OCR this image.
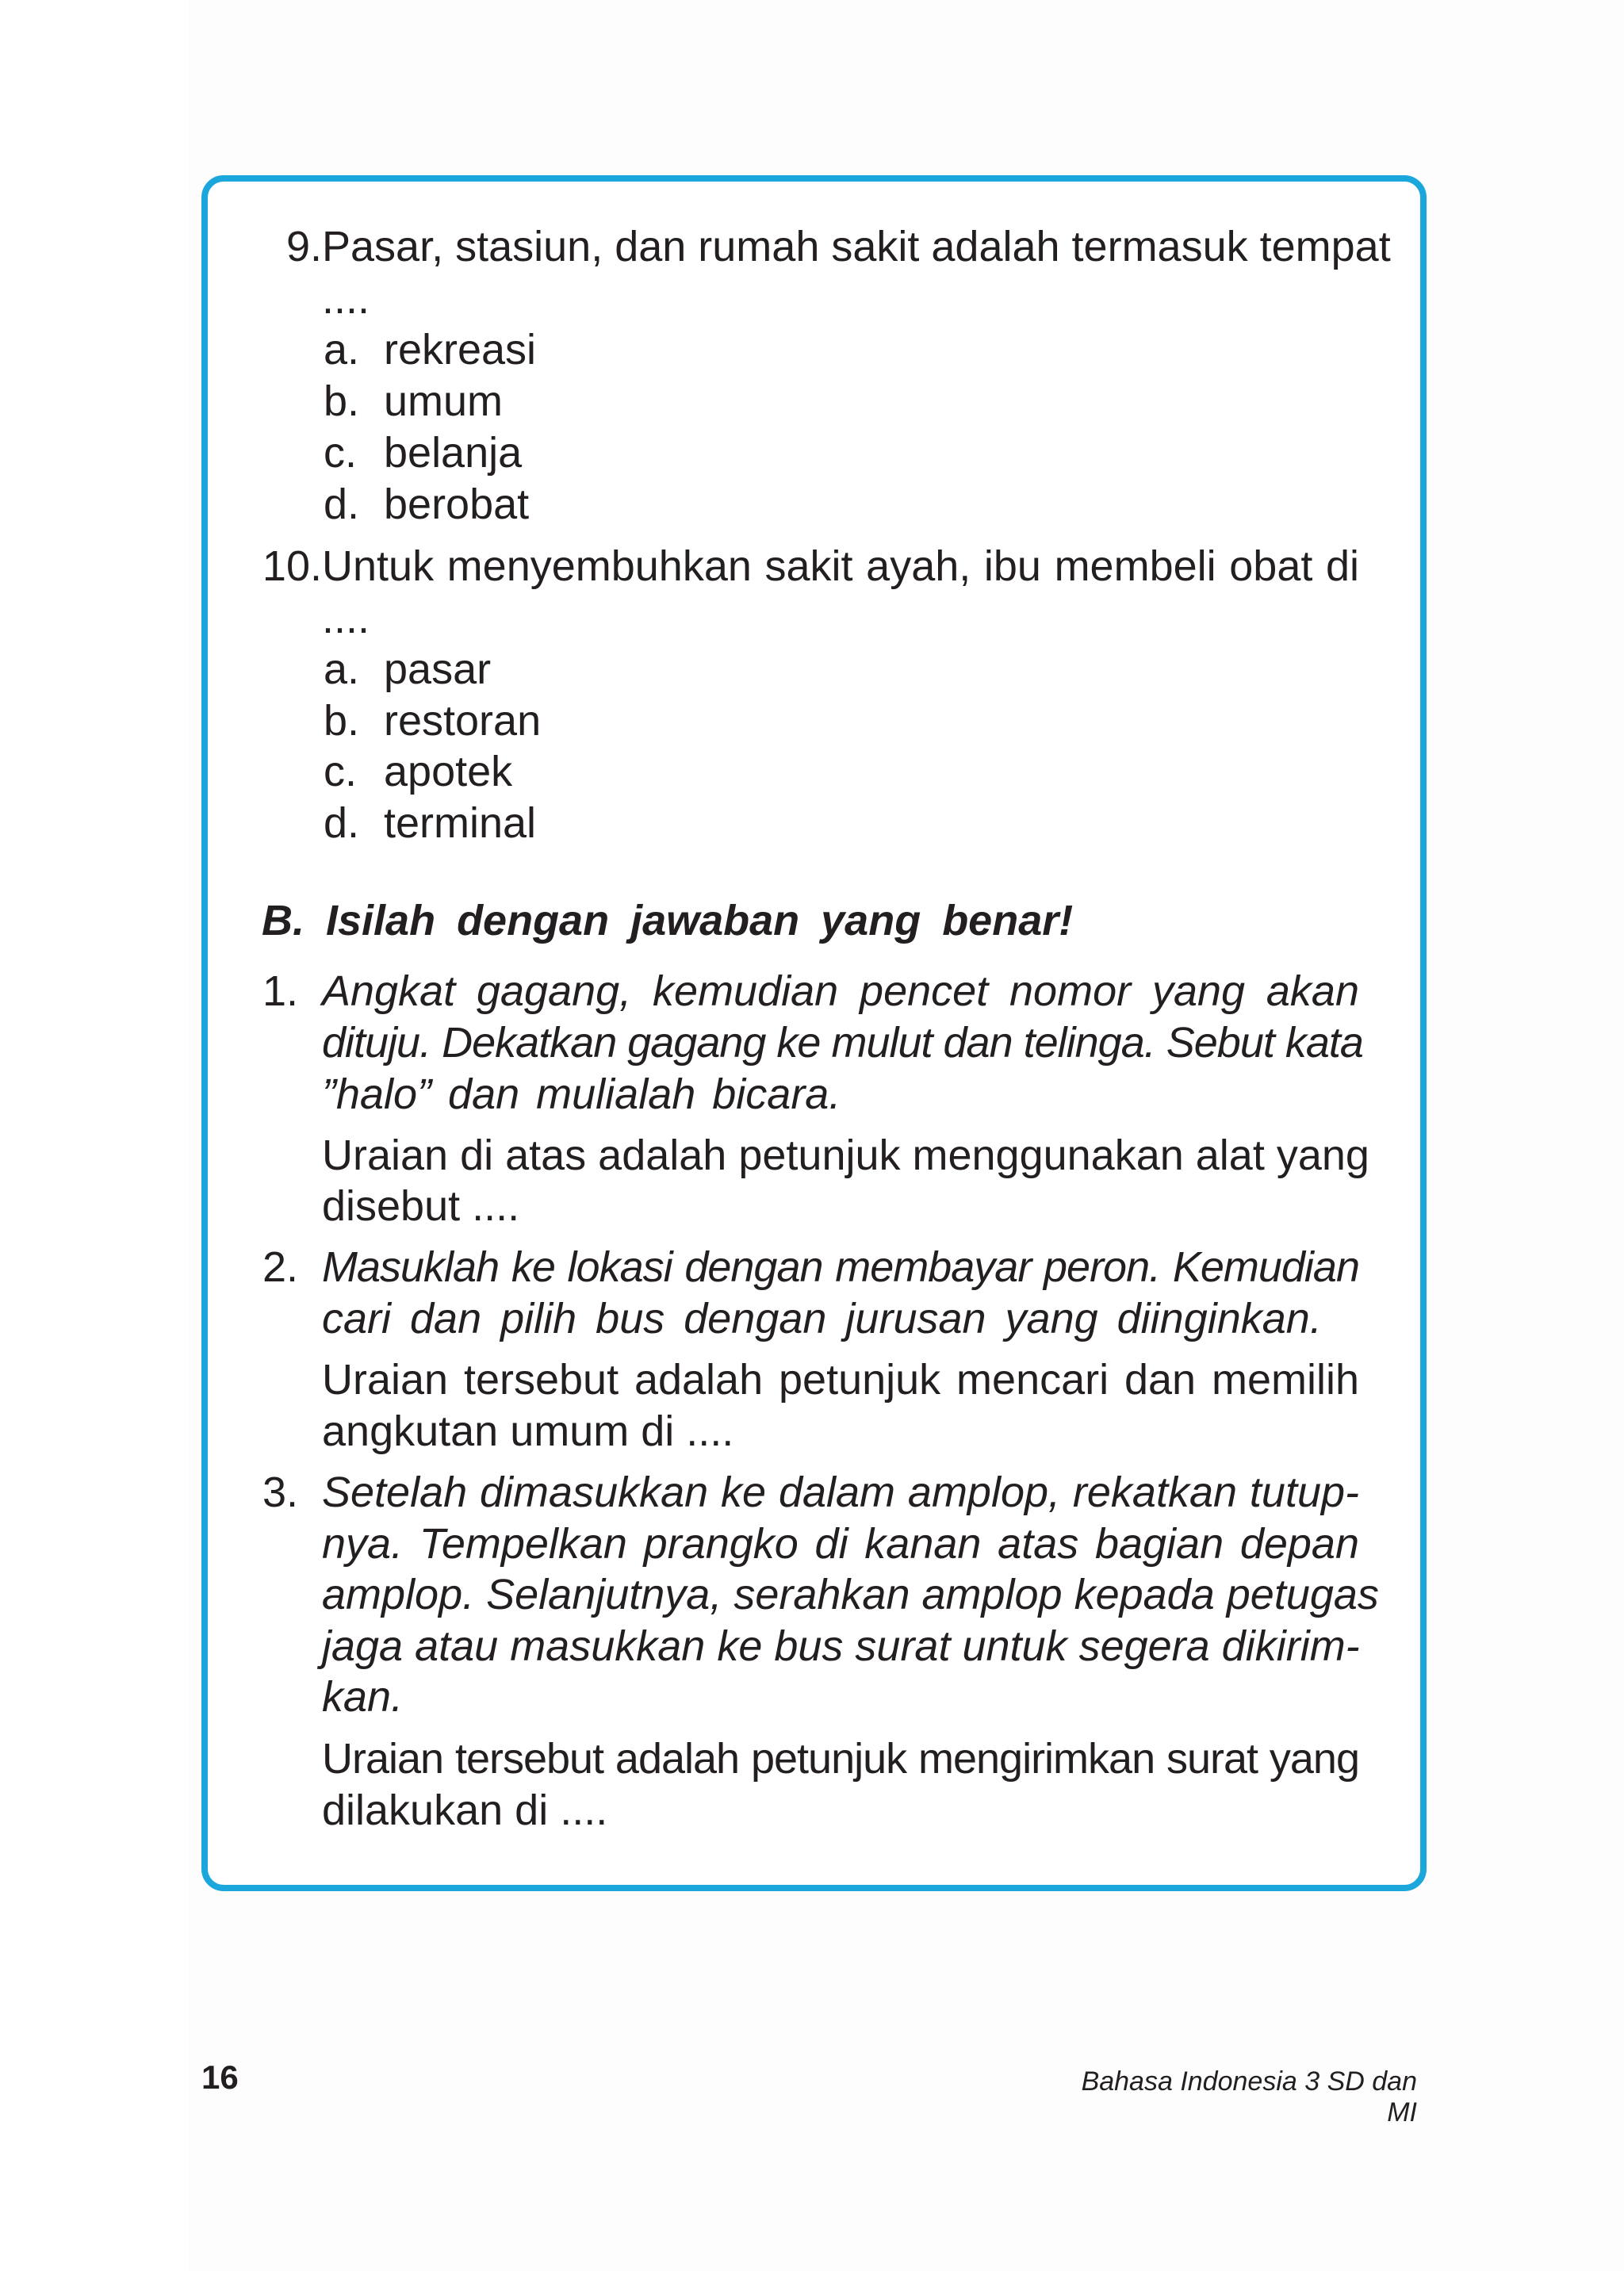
9. Pasar, stasiun, dan rumah sakit adalah termasuk tempat
....
a. rekreasi
b. umum
c. belanja
d. berobat
10. Untuk menyembuhkan sakit ayah, ibu membeli obat di
....
a. pasar
b. restoran
c. apotek
d. terminal
B. Isilah dengan jawaban yang benar!
1. Angkat gagang, kemudian pencet nomor yang akan
dituju. Dekatkan gagang ke mulut dan telinga. Sebut kata
”halo” dan mulialah bicara.
Uraian di atas adalah petunjuk menggunakan alat yang
disebut ....
2. Masuklah ke lokasi dengan membayar peron. Kemudian
cari dan pilih bus dengan jurusan yang diinginkan.
Uraian tersebut adalah petunjuk mencari dan memilih
angkutan umum di ....
3. Setelah dimasukkan ke dalam amplop, rekatkan tutup-
nya. Tempelkan prangko di kanan atas bagian depan
amplop. Selanjutnya, serahkan amplop kepada petugas
jaga atau masukkan ke bus surat untuk segera dikirim-
kan.
Uraian tersebut adalah petunjuk mengirimkan surat yang
dilakukan di ....
16	Bahasa Indonesia 3 SD dan MI
